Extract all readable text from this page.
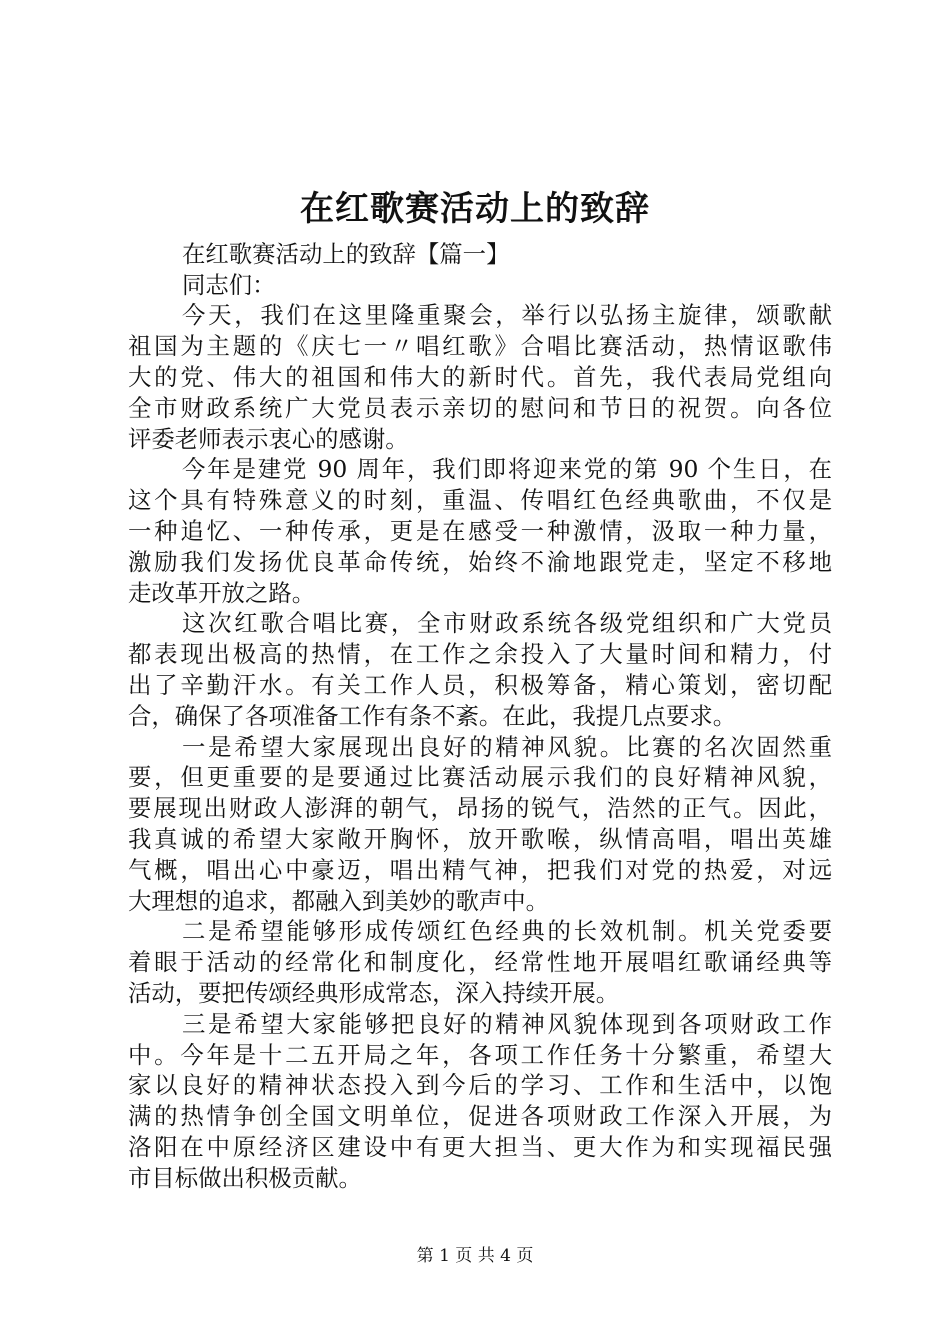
在红歌赛活动上的致辞
在红歌赛活动上的致辞【篇一】
同志们：
今天，我们在这里隆重聚会，举行以弘扬主旋律，颂歌献
祖国为主题的《庆七一〃唱红歌》合唱比赛活动，热情讴歌伟
大的党、伟大的祖国和伟大的新时代。首先，我代表局党组向
全市财政系统广大党员表示亲切的慰问和节日的祝贺。向各位
评委老师表示衷心的感谢。
今年是建党 90 周年，我们即将迎来党的第 90 个生日，在
这个具有特殊意义的时刻，重温、传唱红色经典歌曲，不仅是
一种追忆、一种传承，更是在感受一种激情，汲取一种力量，
激励我们发扬优良革命传统，始终不渝地跟党走，坚定不移地
走改革开放之路。
这次红歌合唱比赛，全市财政系统各级党组织和广大党员
都表现出极高的热情，在工作之余投入了大量时间和精力，付
出了辛勤汗水。有关工作人员，积极筹备，精心策划，密切配
合，确保了各项准备工作有条不紊。在此，我提几点要求。
一是希望大家展现出良好的精神风貌。比赛的名次固然重
要，但更重要的是要通过比赛活动展示我们的良好精神风貌，
要展现出财政人澎湃的朝气，昂扬的锐气，浩然的正气。因此，
我真诚的希望大家敞开胸怀，放开歌喉，纵情高唱，唱出英雄
气概，唱出心中豪迈，唱出精气神，把我们对党的热爱，对远
大理想的追求，都融入到美妙的歌声中。
二是希望能够形成传颂红色经典的长效机制。机关党委要
着眼于活动的经常化和制度化，经常性地开展唱红歌诵经典等
活动，要把传颂经典形成常态，深入持续开展。
三是希望大家能够把良好的精神风貌体现到各项财政工作
中。今年是十二五开局之年，各项工作任务十分繁重，希望大
家以良好的精神状态投入到今后的学习、工作和生活中，以饱
满的热情争创全国文明单位，促进各项财政工作深入开展，为
洛阳在中原经济区建设中有更大担当、更大作为和实现福民强
市目标做出积极贡献。
第 1 页 共 4 页
